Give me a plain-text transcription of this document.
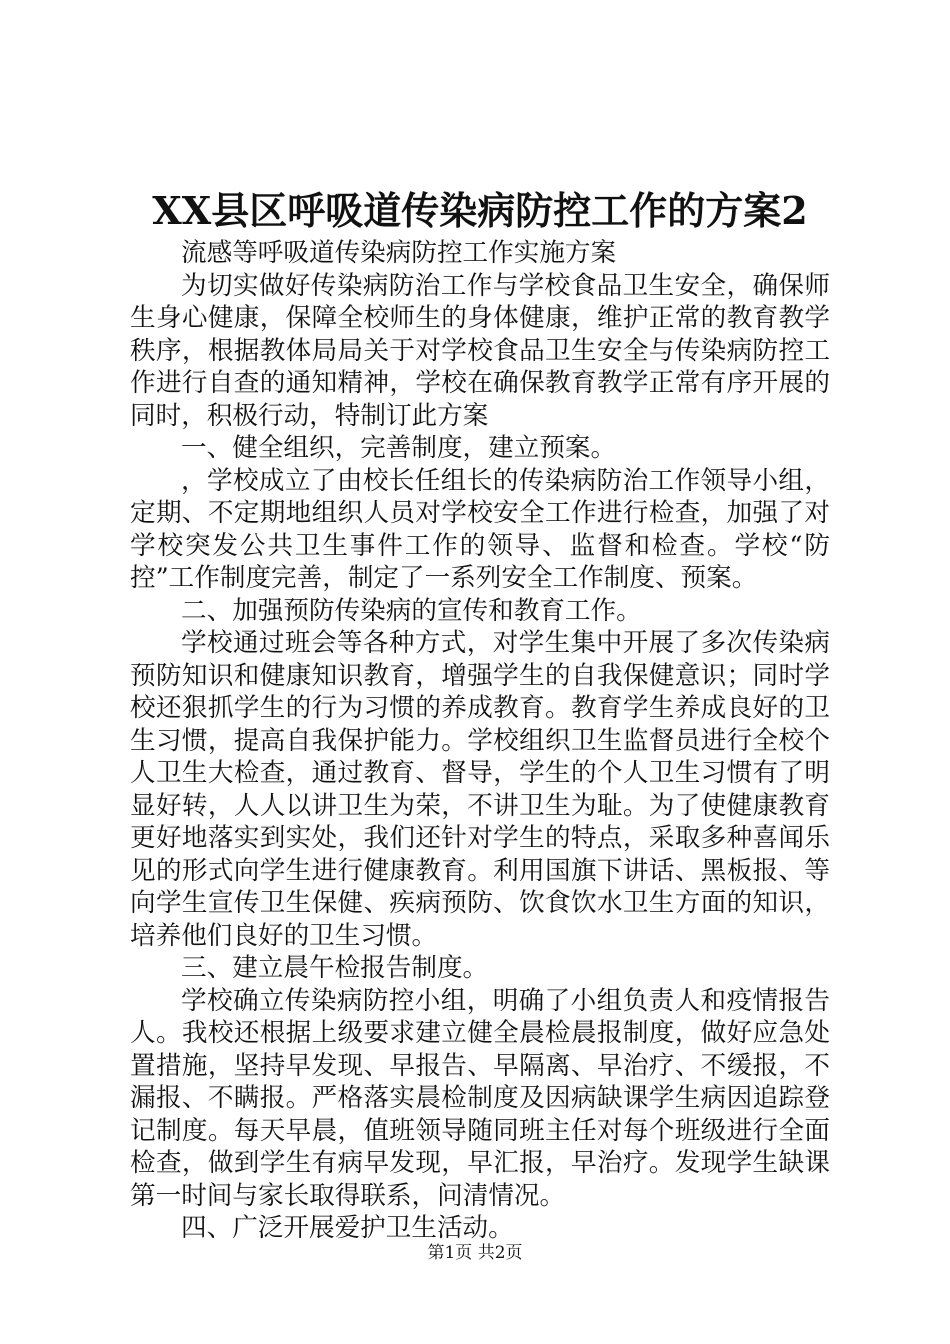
XX县区呼吸道传染病防控工作的方案2

流感等呼吸道传染病防控工作实施方案

为切实做好传染病防治工作与学校食品卫生安全，确保师生身心健康，保障全校师生的身体健康，维护正常的教育教学秩序，根据教体局局关于对学校食品卫生安全与传染病防控工作进行自查的通知精神，学校在确保教育教学正常有序开展的同时，积极行动，特制订此方案

一、健全组织，完善制度，建立预案。

，学校成立了由校长任组长的传染病防治工作领导小组，定期、不定期地组织人员对学校安全工作进行检查，加强了对学校突发公共卫生事件工作的领导、监督和检查。学校“防控”工作制度完善，制定了一系列安全工作制度、预案。

二、加强预防传染病的宣传和教育工作。

学校通过班会等各种方式，对学生集中开展了多次传染病预防知识和健康知识教育，增强学生的自我保健意识；同时学校还狠抓学生的行为习惯的养成教育。教育学生养成良好的卫生习惯，提高自我保护能力。学校组织卫生监督员进行全校个人卫生大检查，通过教育、督导，学生的个人卫生习惯有了明显好转，人人以讲卫生为荣，不讲卫生为耻。为了使健康教育更好地落实到实处，我们还针对学生的特点，采取多种喜闻乐见的形式向学生进行健康教育。利用国旗下讲话、黑板报、等向学生宣传卫生保健、疾病预防、饮食饮水卫生方面的知识，培养他们良好的卫生习惯。

三、建立晨午检报告制度。

学校确立传染病防控小组，明确了小组负责人和疫情报告人。我校还根据上级要求建立健全晨检晨报制度，做好应急处置措施，坚持早发现、早报告、早隔离、早治疗、不缓报，不漏报、不瞒报。严格落实晨检制度及因病缺课学生病因追踪登记制度。每天早晨，值班领导随同班主任对每个班级进行全面检查，做到学生有病早发现，早汇报，早治疗。发现学生缺课第一时间与家长取得联系，问清情况。

四、广泛开展爱护卫生活动。

第1页 共2页
